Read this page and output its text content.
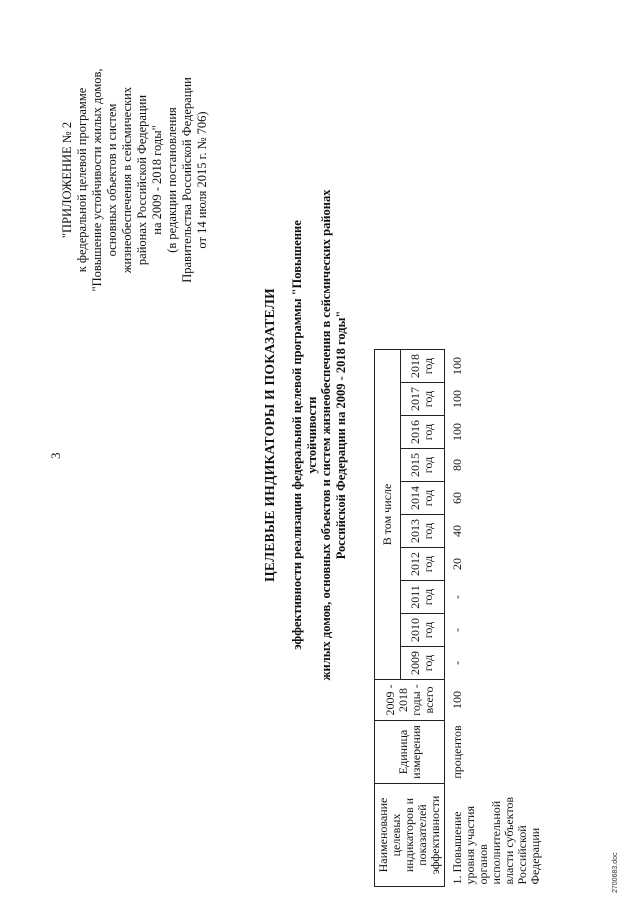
3
"ПРИЛОЖЕНИЕ № 2 к федеральной целевой программе "Повышение устойчивости жилых домов, основных объектов и систем жизнеобеспечения в сейсмических районах Российской Федерации на 2009 - 2018 годы" (в редакции постановления Правительства Российской Федерации от 14 июля 2015 г. № 706)
ЦЕЛЕВЫЕ ИНДИКАТОРЫ И ПОКАЗАТЕЛИ эффективности реализации федеральной целевой программы "Повышение устойчивости жилых домов, основных объектов и систем жизнеобеспечения в сейсмических районах Российской Федерации на 2009 - 2018 годы"
Наименование целевых индикаторов и показателей эффективности	Единица измерения	2009 - 2018 годы - всего	В том числе									
			2009 год	2010 год	2011 год	2012 год	2013 год	2014 год	2015 год	2016 год	2017 год	2018 год
1. Повышение уровня участия органов исполнительной власти субъектов Российской Федерации	процентов	100	-	-	-	20	40	60	80	100	100	100
2700683.doc
